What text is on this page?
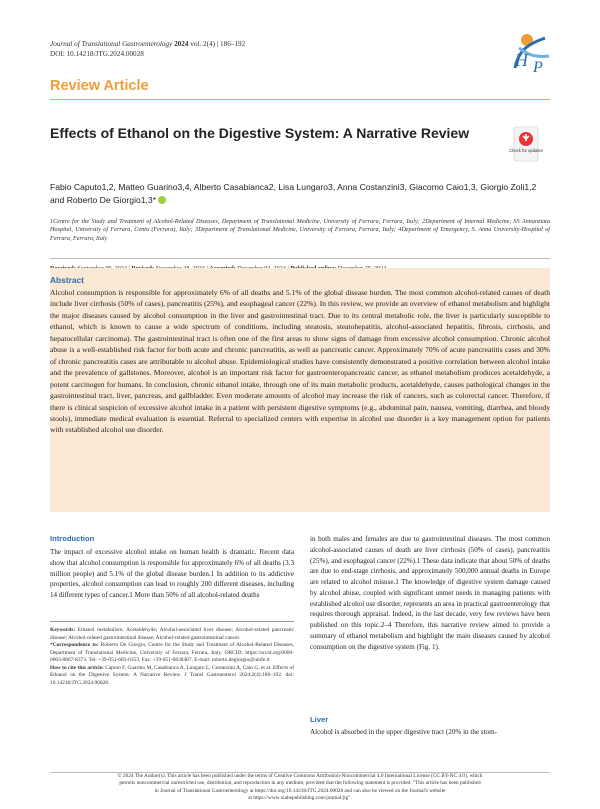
Journal of Translational Gastroenterology 2024 vol. 2(4) | 186–192
DOI: 10.14218/JTG.2024.00028	H P
Review Article
Effects of Ethanol on the Digestive System: A Narrative Review
Check for updates
Fabio Caputo1,2, Matteo Guarino3,4, Alberto Casabianca2, Lisa Lungaro3, Anna Costanzini3, Giacomo Caio1,3, Giorgio Zoli1,2 and Roberto De Giorgio1,3*
1Centre for the Study and Treatment of Alcohol-Related Diseases, Department of Translational Medicine, University of Ferrara, Ferrara, Italy; 2Department of Internal Medicine, SS Annunziata Hospital, University of Ferrara, Cento (Ferrara), Italy; 3Department of Translational Medicine, University of Ferrara, Ferrara, Italy; 4Department of Emergency, S. Anna University-Hospital of Ferrara, Ferrara, Italy
Abstract
Alcohol consumption is responsible for approximately 6% of all deaths and 5.1% of the global disease burden. The most common alcohol-related causes of death include liver cirrhosis (50% of cases), pancreatitis (25%), and esophageal cancer (22%). In this review, we provide an overview of ethanol metabolism and highlight the major diseases caused by alcohol consumption in the liver and gastrointestinal tract. Due to its central metabolic role, the liver is particularly susceptible to ethanol, which is known to cause a wide spectrum of conditions, including steatosis, steatohepatitis, alcohol-associated hepatitis, fibrosis, cirrhosis, and hepatocellular carcinoma). The gastrointestinal tract is often one of the first areas to show signs of damage from excessive alcohol consumption. Chronic alcohol abuse is a well-established risk factor for both acute and chronic pancreatitis, as well as pancreatic cancer. Approximately 70% of acute pancreatitis cases and 30% of chronic pancreatitis cases are attributable to alcohol abuse. Epidemiological studies have consistently demonstrated a positive correlation between alcohol intake and the prevalence of gallstones. Moreover, alcohol is an important risk factor for gastroenteropancreatic cancer, as ethanol metabolism produces acetaldehyde, a potent carcinogen for humans. In conclusion, chronic ethanol intake, through one of its main metabolic products, acetaldehyde, causes pathological changes in the gastrointestinal tract, liver, pancreas, and gallbladder. Even moderate amounts of alcohol may increase the risk of cancers, such as colorectal cancer. Therefore, if there is clinical suspicion of excessive alcohol intake in a patient with persistent digestive symptoms (e.g., abdominal pain, nausea, vomiting, diarrhea, and bloody stools), immediate medical evaluation is essential. Referral to specialized centers with expertise in alcohol use disorder is a key management option for patients with established alcohol use disorder.
Introduction
The impact of excessive alcohol intake on human health is dramatic. Recent data show that alcohol consumption is responsible for approximately 6% of all deaths (3.3 million people) and 5.1% of the global disease burden.1 In addition to its addictive properties, alcohol consumption can lead to roughly 200 different diseases, including 14 different types of cancer.1 More than 50% of all alcohol-related deaths
Keywords: Ethanol metabolism; Acetaldehyde; Alcohol-associated liver disease; Alcohol-related pancreatic disease; Alcohol-related gastrointestinal disease; Alcohol-related gastrointestinal cancer.
*Correspondence to: Roberto De Giorgio, Centre for the Study and Treatment of Alcohol-Related Diseases, Department of Translational Medicine, University of Ferrara, Ferrara, Italy. ORCID: https://orcid.org/0000-0003-0867-8373. Tel: +39-051-683-6353, Fax: +39-051-6838487, E-mail: roberto.degiorgio@unife.it
How to cite this article: Caputo F, Guarino M, Casabianca A, Lungaro L, Costanzini A, Caio G, et al. Effects of Ethanol on the Digestive System: A Narrative Review. J Transl Gastroenterol 2024;2(4):186–192. doi: 10.14218/JTG.2024.00028.
in both males and females are due to gastrointestinal diseases. The most common alcohol-associated causes of death are liver cirrhosis (50% of cases), pancreatitis (25%), and esophageal cancer (22%).1 These data indicate that about 50% of deaths are due to end-stage cirrhosis, and approximately 500,000 annual deaths in Europe are related to alcohol misuse.1 The knowledge of digestive system damage caused by alcohol abuse, coupled with significant unmet needs in managing patients with established alcohol use disorder, represents an area in practical gastroenterology that requires thorough appraisal. Indeed, in the last decade, very few reviews have been published on this topic.2–4 Therefore, this narrative review aimed to provide a summary of ethanol metabolism and highlight the main diseases caused by alcohol consumption on the digestive system (Fig. 1).
Liver
Alcohol is absorbed in the upper digestive tract (20% in the stom-
© 2024 The Author(s). This article has been published under the terms of Creative Commons Attribution-Noncommercial 4.0 International License (CC BY-NC 4.0), which
permits noncommercial unrestricted use, distribution, and reproduction in any medium, provided that the following statement is provided. "This article has been published
in Journal of Translational Gastroenterology at https://doi.org/10.14218/JTG.2024.00028 and can also be viewed on the Journal's website
at https://www.xiahepublishing.com/journal/jtg".
